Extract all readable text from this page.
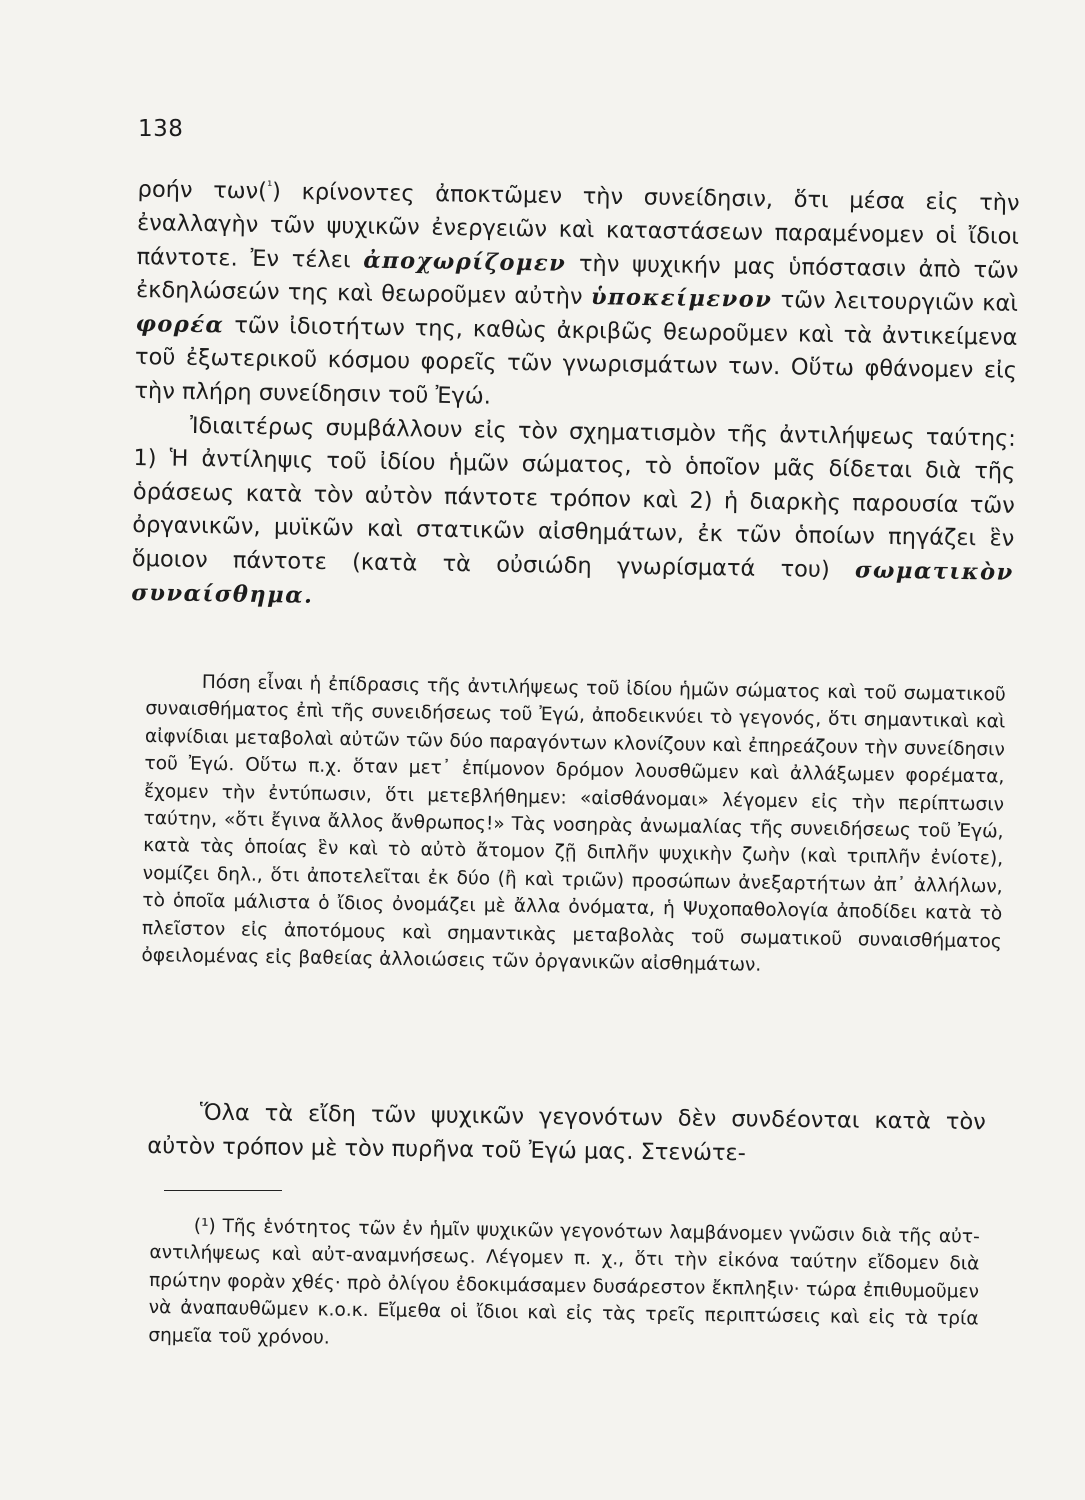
138

ροήν των($^{^1}$) κρίνοντες ἀποκτῶμεν τὴν συνείδησιν, ὅτι μέσα εἰς τὴν ἐναλλαγὴν τῶν ψυχικῶν ἐνεργειῶν καὶ καταστάσεων παραμένομεν οἱ ἴδιοι πάντοτε. Ἐν τέλει ἀποχωρίζομεν τὴν ψυχικήν μας ὑπόστασιν ἀπὸ τῶν ἐκδηλώσεών της καὶ θεωροῦμεν αὐτὴν ὑποκείμενον τῶν λειτουργιῶν καὶ φορέα τῶν ἰδιοτήτων της, καθὼς ἀκριβῶς θεωροῦμεν καὶ τὰ ἀντικείμενα τοῦ ἐξωτερικοῦ κόσμου φορεῖς τῶν γνωρισμάτων των. Οὕτω φθάνομεν εἰς τὴν πλήρη συνείδησιν τοῦ Ἐγώ.

Ἰδιαιτέρως συμβάλλουν εἰς τὸν σχηματισμὸν τῆς ἀντιλήψεως ταύτης: 1) Ἡ ἀντίληψις τοῦ ἰδίου ἡμῶν σώματος, τὸ ὁποῖον μᾶς δίδεται διὰ τῆς ὁράσεως κατὰ τὸν αὐτὸν πάντοτε τρόπον καὶ 2) ἡ διαρκὴς παρουσία τῶν ὀργανικῶν, μυϊκῶν καὶ στατικῶν αἰσθημάτων, ἐκ τῶν ὁποίων πηγάζει ἓν ὅμοιον πάντοτε (κατὰ τὰ οὐσιώδη γνωρίσματά του) σωματικὸν συναίσθημα.

Πόση εἶναι ἡ ἐπίδρασις τῆς ἀντιλήψεως τοῦ ἰδίου ἡμῶν σώματος καὶ τοῦ σωματικοῦ συναισθήματος ἐπὶ τῆς συνειδήσεως τοῦ Ἐγώ, ἀποδεικνύει τὸ γεγονός, ὅτι σημαντικαὶ καὶ αἰφνίδιαι μεταβολαὶ αὐτῶν τῶν δύο παραγόντων κλονίζουν καὶ ἐπηρεάζουν τὴν συνείδησιν τοῦ Ἐγώ. Οὕτω π.χ. ὅταν μετ᾿ ἐπίμονον δρόμον λουσθῶμεν καὶ ἀλλάξωμεν φορέματα, ἔχομεν τὴν ἐντύπωσιν, ὅτι μετεβλήθημεν: «αἰσθάνομαι» λέγομεν εἰς τὴν περίπτωσιν ταύτην, «ὅτι ἔγινα ἄλλος ἄνθρωπος!» Τὰς νοσηρὰς ἀνωμαλίας τῆς συνειδήσεως τοῦ Ἐγώ, κατὰ τὰς ὁποίας ἓν καὶ τὸ αὐτὸ ἄτομον ζῇ διπλῆν ψυχικὴν ζωὴν (καὶ τριπλῆν ἐνίοτε), νομίζει δηλ., ὅτι ἀποτελεῖται ἐκ δύο (ἢ καὶ τριῶν) προσώπων ἀνεξαρτήτων ἀπ᾿ ἀλλήλων, τὸ ὁποῖα μάλιστα ὁ ἴδιος ὀνομάζει μὲ ἄλλα ὀνόματα, ἡ Ψυχοπαθολογία ἀποδίδει κατὰ τὸ πλεῖστον εἰς ἀποτόμους καὶ σημαντικὰς μεταβολὰς τοῦ σωματικοῦ συναισθήματος ὀφειλομένας εἰς βαθείας ἀλλοιώσεις τῶν ὀργανικῶν αἰσθημάτων.

Ὅλα τὰ εἴδη τῶν ψυχικῶν γεγονότων δὲν συνδέονται κατὰ τὸν αὐτὸν τρόπον μὲ τὸν πυρῆνα τοῦ Ἐγώ μας. Στενώτε-

(¹) Τῆς ἑνότητος τῶν ἐν ἡμῖν ψυχικῶν γεγονότων λαμβάνομεν γνῶσιν διὰ τῆς αὐτ-αντιλήψεως καὶ αὐτ-αναμνήσεως. Λέγομεν π. χ., ὅτι τὴν εἰκόνα ταύτην εἴδομεν διὰ πρώτην φορὰν χθές· πρὸ ὀλίγου ἐδοκιμάσαμεν δυσάρεστον ἔκπληξιν· τώρα ἐπιθυμοῦμεν νὰ ἀναπαυθῶμεν κ.ο.κ. Εἴμεθα οἱ ἴδιοι καὶ εἰς τὰς τρεῖς περιπτώσεις καὶ εἰς τὰ τρία σημεῖα τοῦ χρόνου.
